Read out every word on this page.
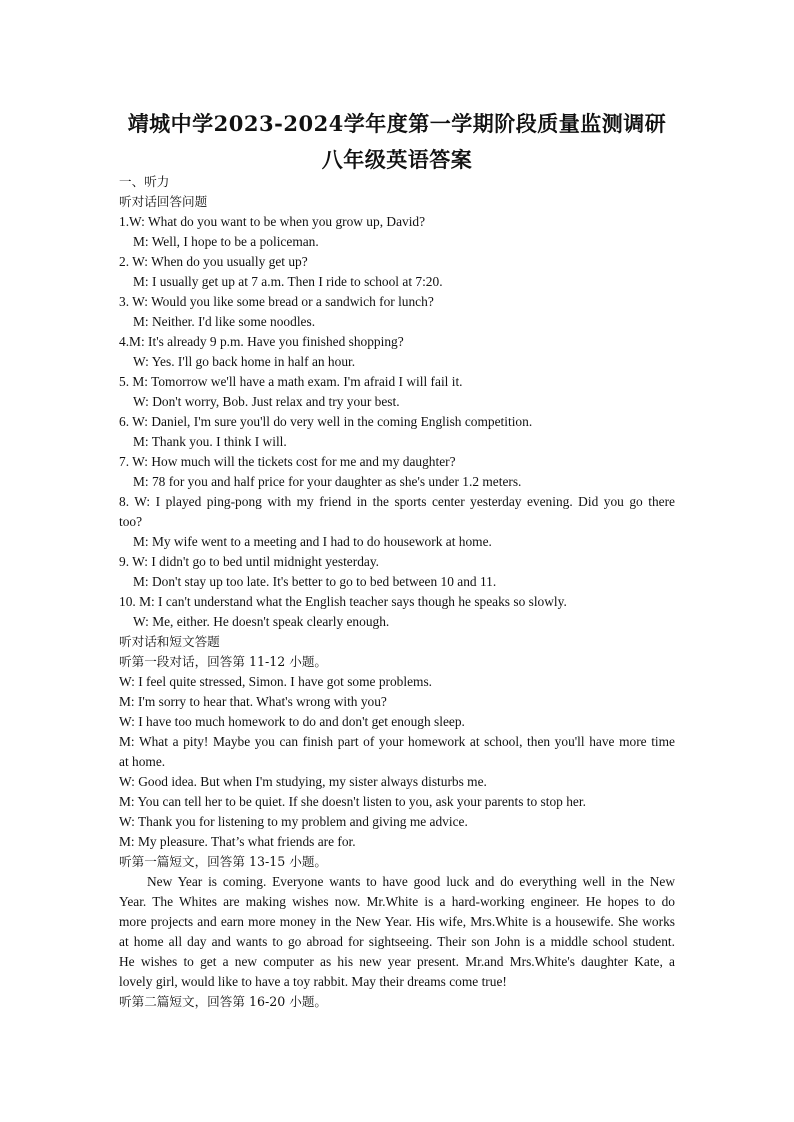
靖城中学2023-2024学年度第一学期阶段质量监测调研
八年级英语答案
一、听力
听对话回答问题
1.W: What do you want to be when you grow up, David?
M: Well, I hope to be a policeman.
2. W: When do you usually get up?
M: I usually get up at 7 a.m. Then I ride to school at 7:20.
3. W: Would you like some bread or a sandwich for lunch?
M: Neither. I'd like some noodles.
4.M: It's already 9 p.m. Have you finished shopping?
W: Yes. I'll go back home in half an hour.
5. M: Tomorrow we'll have a math exam. I'm afraid I will fail it.
W: Don't worry, Bob. Just relax and try your best.
6. W: Daniel, I'm sure you'll do very well in the coming English competition.
M: Thank you. I think I will.
7. W: How much will the tickets cost for me and my daughter?
M: 78 for you and half price for your daughter as she's under 1.2 meters.
8. W: I played ping-pong with my friend in the sports center yesterday evening. Did you go there
too?
M: My wife went to a meeting and I had to do housework at home.
9. W: I didn't go to bed until midnight yesterday.
M: Don't stay up too late. It's better to go to bed between 10 and 11.
10. M: I can't understand what the English teacher says though he speaks so slowly.
W: Me, either. He doesn't speak clearly enough.
听对话和短文答题
听第一段对话，回答第 11-12 小题。
W: I feel quite stressed, Simon. I have got some problems.
M: I'm sorry to hear that. What's wrong with you?
W: I have too much homework to do and don't get enough sleep.
M: What a pity! Maybe you can finish part of your homework at school, then you'll have more time
at home.
W: Good idea. But when I'm studying, my sister always disturbs me.
M: You can tell her to be quiet. If she doesn't listen to you, ask your parents to stop her.
W: Thank you for listening to my problem and giving me advice.
M: My pleasure. That’s what friends are for.
听第一篇短文，回答第 13-15 小题。
New Year is coming. Everyone wants to have good luck and do everything well in the New
Year. The Whites are making wishes now. Mr.White is a hard-working engineer. He hopes to do
more projects and earn more money in the New Year. His wife, Mrs.White is a housewife. She works
at home all day and wants to go abroad for sightseeing. Their son John is a middle school student.
He wishes to get a new computer as his new year present. Mr.and Mrs.White's daughter Kate, a
lovely girl, would like to have a toy rabbit. May their dreams come true!
听第二篇短文，回答第 16-20 小题。
